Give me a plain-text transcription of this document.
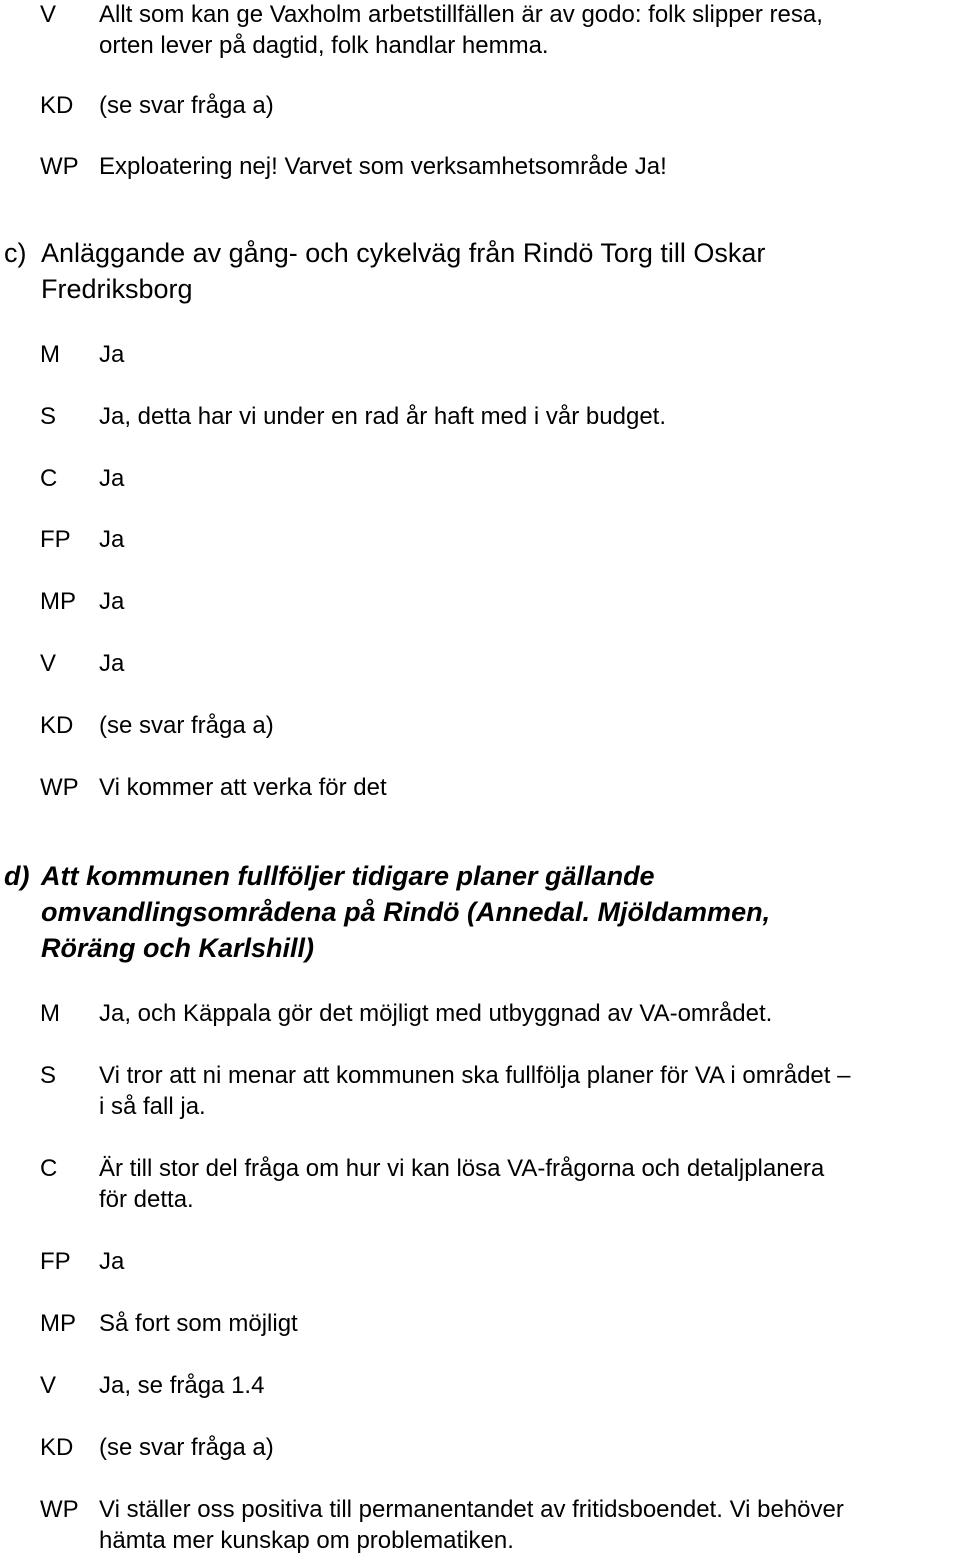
V	Allt som kan ge Vaxholm arbetstillfällen är av godo: folk slipper resa,
orten lever på dagtid, folk handlar hemma.
KD	(se svar fråga a)
WP Exploatering nej! Varvet som verksamhetsområde Ja!
c) Anläggande av gång- och cykelväg från Rindö Torg till Oskar
Fredriksborg
M	Ja
S	Ja, detta har vi under en rad år haft med i vår budget.
C	Ja
FP	Ja
MP Ja
V	Ja
KD	(se svar fråga a)
WP Vi kommer att verka för det
d) Att kommunen fullföljer tidigare planer gällande
omvandlingsområdena på Rindö (Annedal. Mjöldammen,
Röräng och Karlshill)
M	Ja, och Käppala gör det möjligt med utbyggnad av VA-området.
S	Vi tror att ni menar att kommunen ska fullfölja planer för VA i området –
i så fall ja.
C	Är till stor del fråga om hur vi kan lösa VA-frågorna och detaljplanera
för detta.
FP	Ja
MP Så fort som möjligt
V	Ja, se fråga 1.4
KD	(se svar fråga a)
WP Vi ställer oss positiva till permanentandet av fritidsboendet. Vi behöver
hämta mer kunskap om problematiken.
